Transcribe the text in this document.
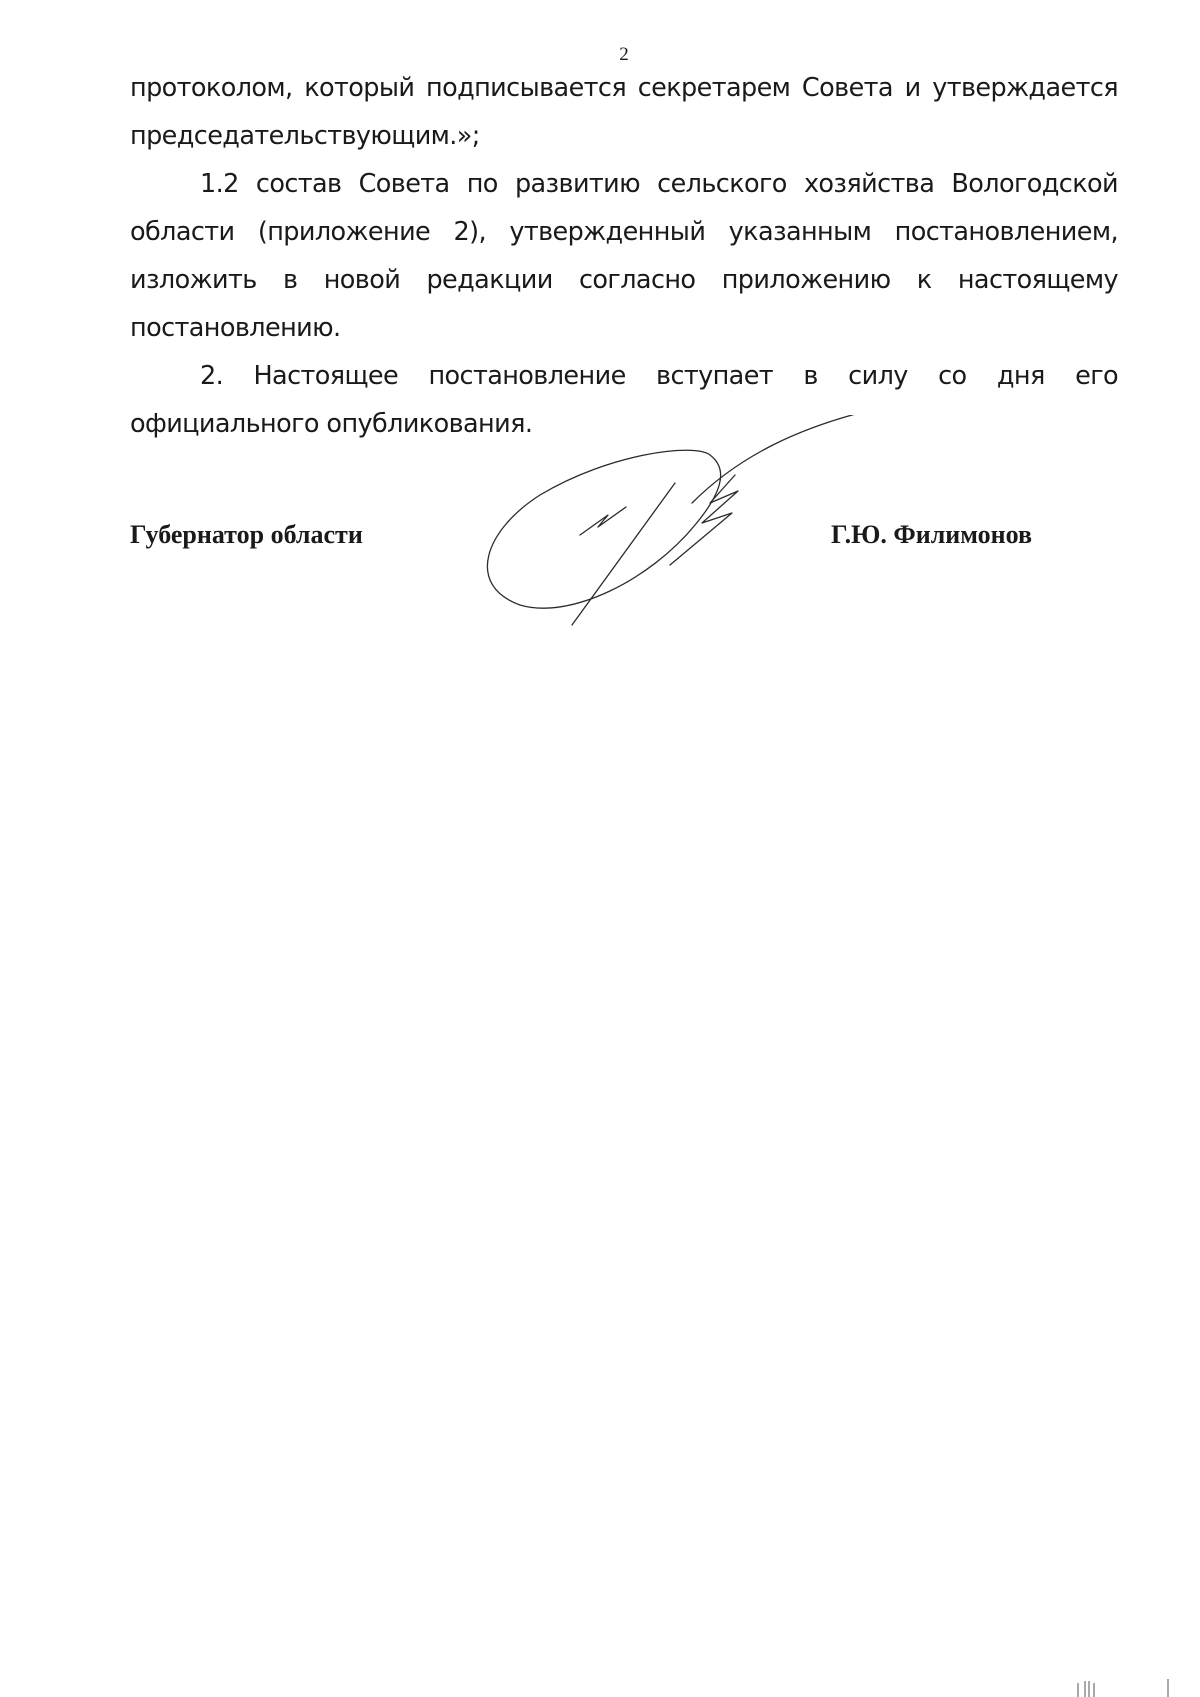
2

протоколом, который подписывается секретарем Совета и утверждается председательствующим.»;

1.2 состав Совета по развитию сельского хозяйства Вологодской области (приложение 2), утвержденный указанным постановлением, изложить в новой редакции согласно приложению к настоящему постановлению.

2. Настоящее постановление вступает в силу со дня его официального опубликования.

Губернатор области	Г.Ю. Филимонов
